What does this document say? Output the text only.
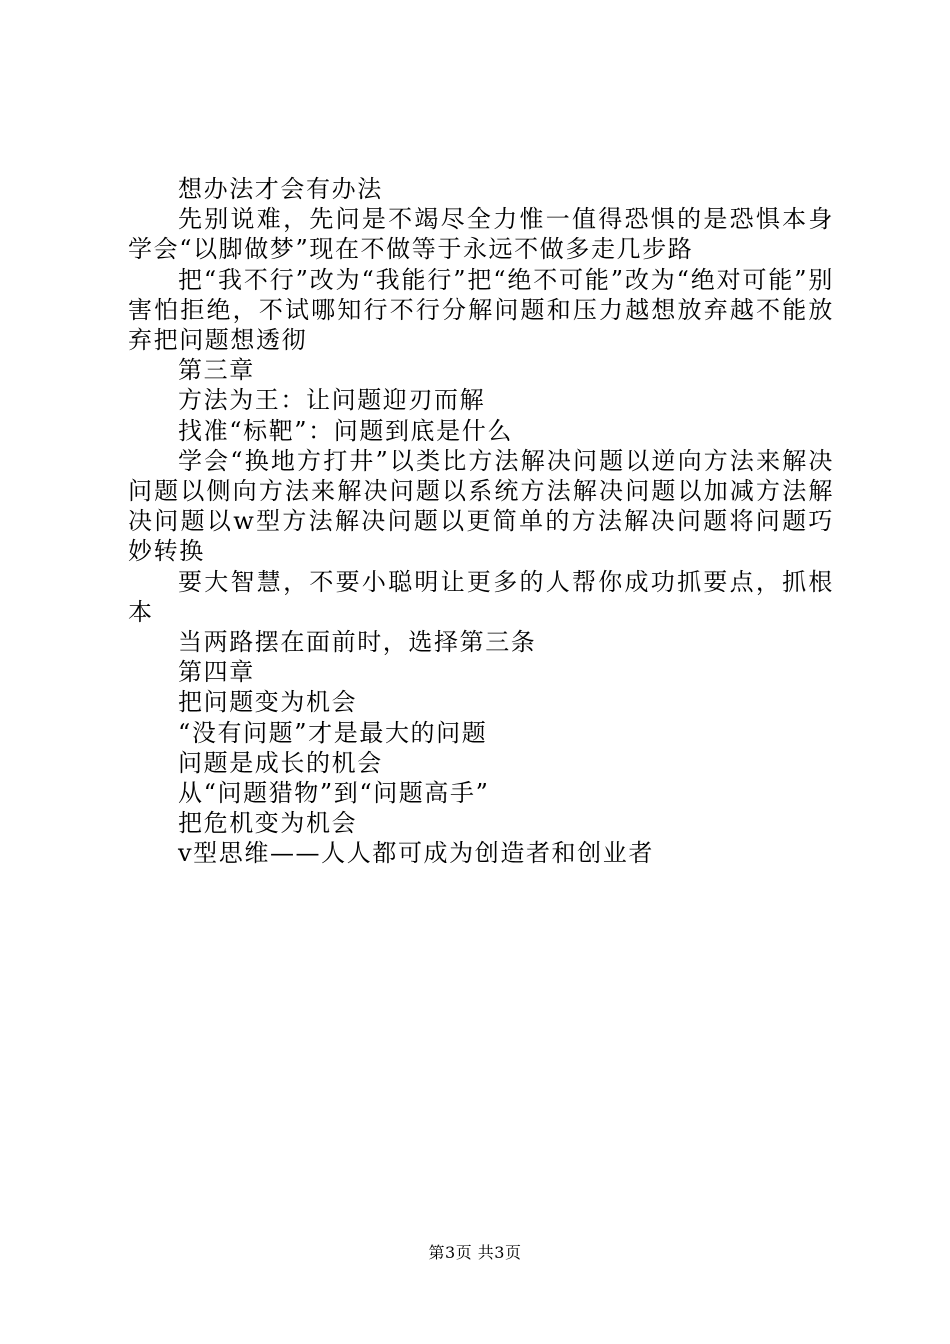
想办法才会有办法

先别说难，先问是不竭尽全力惟一值得恐惧的是恐惧本身学会“以脚做梦”现在不做等于永远不做多走几步路

把“我不行”改为“我能行”把“绝不可能”改为“绝对可能”别害怕拒绝，不试哪知行不行分解问题和压力越想放弃越不能放弃把问题想透彻

第三章

方法为王：让问题迎刃而解

找准“标靶”：问题到底是什么

学会“换地方打井”以类比方法解决问题以逆向方法来解决问题以侧向方法来解决问题以系统方法解决问题以加减方法解决问题以w型方法解决问题以更简单的方法解决问题将问题巧妙转换

要大智慧，不要小聪明让更多的人帮你成功抓要点，抓根本

当两路摆在面前时，选择第三条

第四章

把问题变为机会

“没有问题”才是最大的问题

问题是成长的机会

从“问题猎物”到“问题高手”

把危机变为机会

v型思维——人人都可成为创造者和创业者

第3页 共3页
